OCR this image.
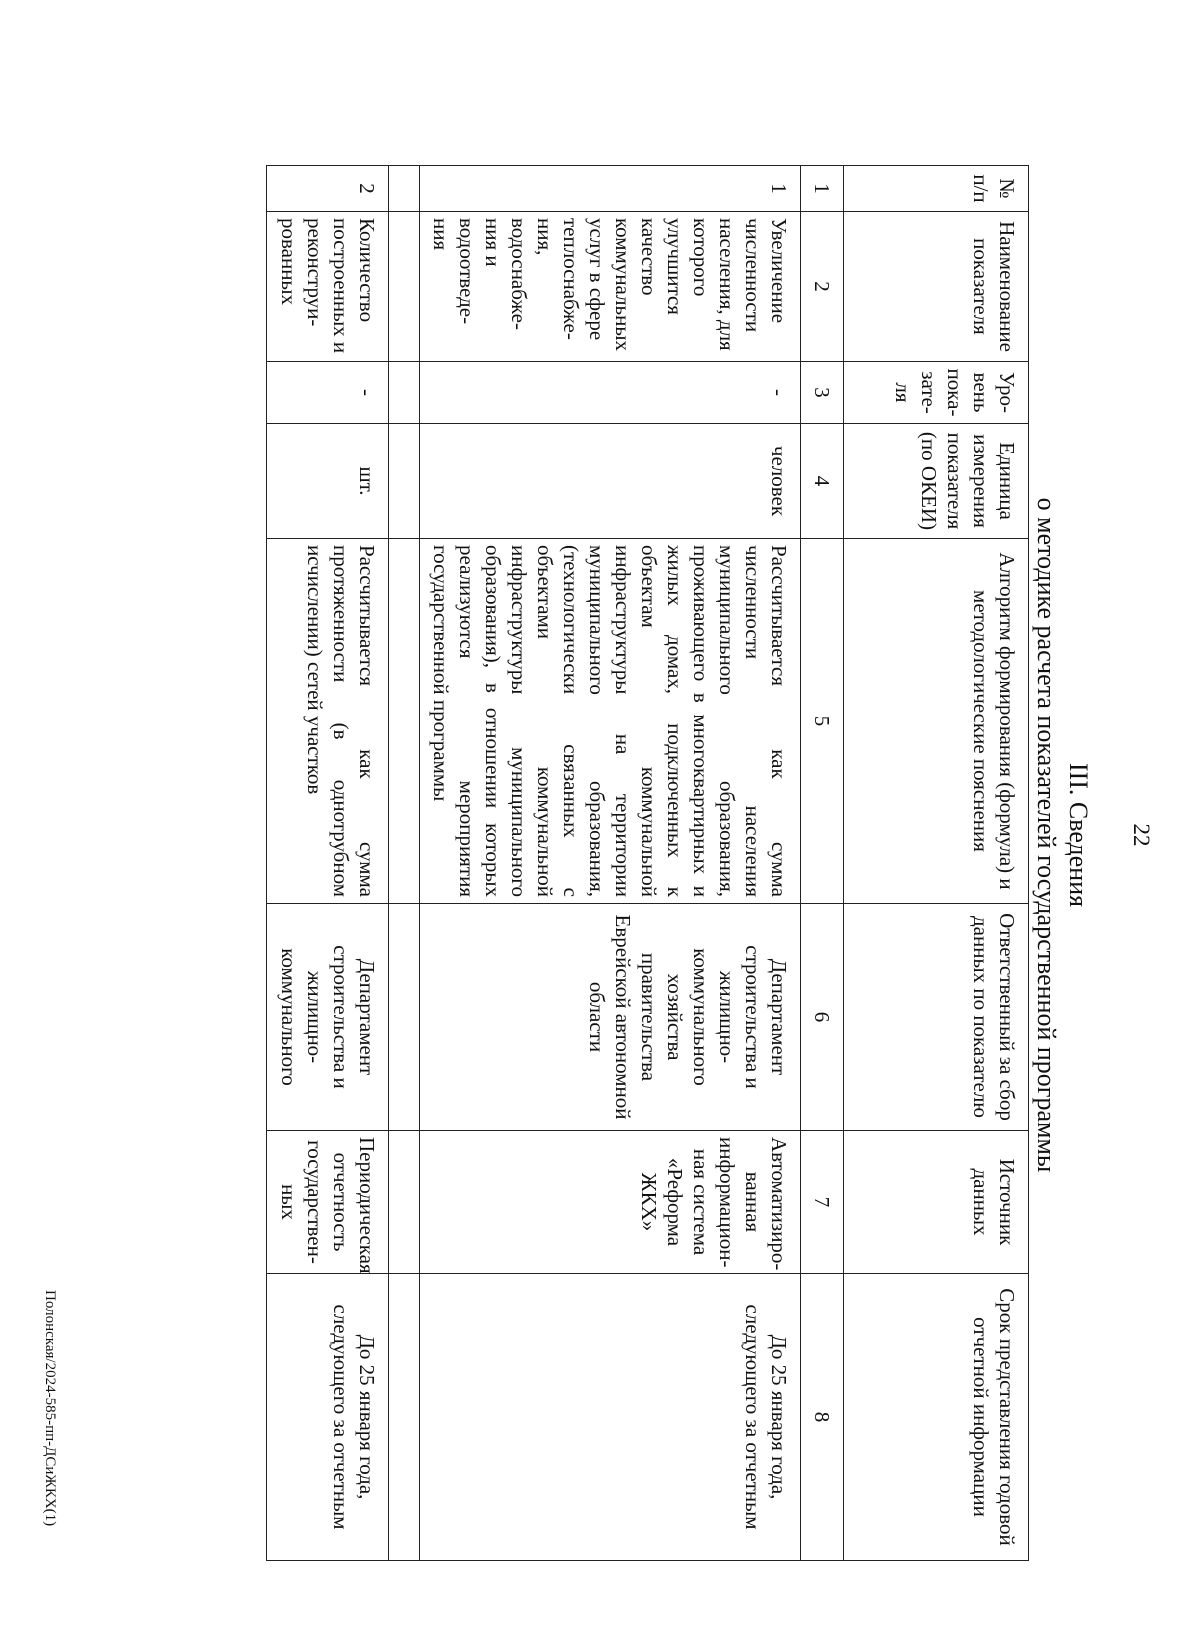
22
III. Сведения
о методике расчета показателей государственной программы
№ п/п	Наименование показателя	Уро-вень пока-зате-ля	Единица измерения показателя (по ОКЕИ)	Алгоритм формирования (формула) и методологические пояснения	Ответственный за сбор данных по показателю	Источник данных	Срок представления годовой отчетной информации
1	2	3	4	5	6	7	8
1	Увеличение численности населения, для которого улучшится качество коммунальных услуг в сфере теплоснабже-ния, водоснабже-ния и водоотведе-ния	-	человек	Рассчитывается как сумма численности населения муниципального образования, проживающего в многоквартирных и жилых домах, подключенных к объектам коммунальной инфраструктуры на территории муниципального образования, (технологически связанных с объектами коммунальной инфраструктуры муниципального образования), в отношении которых реализуются мероприятия государственной программы	Департамент строительства и жилищно-коммунального хозяйства правительства Еврейской автономной области	Автоматизиро-ванная информацион-ная система «Реформа ЖКХ»	До 25 января года, следующего за отчетным

2	Количество построенных и реконструи-рованных	-	шт.	Рассчитывается как сумма протяженности (в однотрубном исчислении) сетей участков	Департамент строительства и жилищно-коммунального	Периодическая отчетность государствен-ных	До 25 января года, следующего за отчетным
Полонская/2024-585-пп-ДСиЖКХ(1)
